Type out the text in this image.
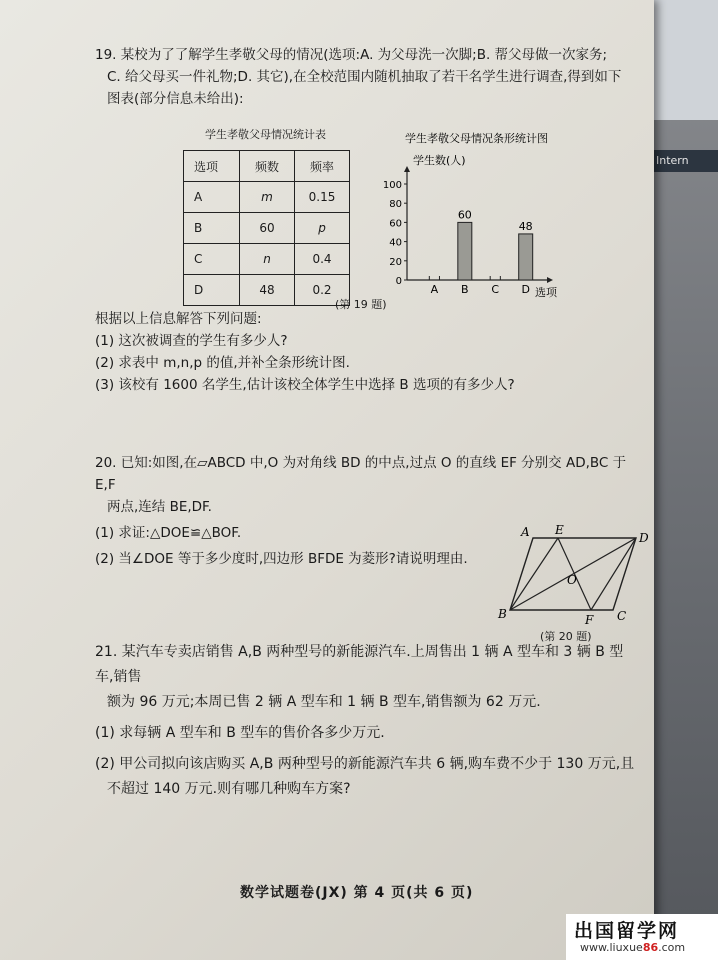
Intern
19. 某校为了了解学生孝敬父母的情况(选项:A. 为父母洗一次脚;B. 帮父母做一次家务;
C. 给父母买一件礼物;D. 其它),在全校范围内随机抽取了若干名学生进行调查,得到如下
图表(部分信息未给出):
学生孝敬父母情况统计表
选项	频数	频率
A	m	0.15
B	60	p
C	n	0.4
D	48	0.2
学生孝敬父母情况条形统计图
学生数(人)
选项
0
20
40
60
80
100
A
60
B C
48
D
(第 19 题)
根据以上信息解答下列问题:
(1) 这次被调查的学生有多少人?
(2) 求表中 m,n,p 的值,并补全条形统计图.
(3) 该校有 1600 名学生,估计该校全体学生中选择 B 选项的有多少人?
20. 已知:如图,在▱ABCD 中,O 为对角线 BD 的中点,过点 O 的直线 EF 分别交 AD,BC 于 E,F
两点,连结 BE,DF.
(1) 求证:△DOE≌△BOF.
(2) 当∠DOE 等于多少度时,四边形 BFDE 为菱形?请说明理由.
A E
D
O
B	F C
(第 20 题)
21. 某汽车专卖店销售 A,B 两种型号的新能源汽车.上周售出 1 辆 A 型车和 3 辆 B 型车,销售
额为 96 万元;本周已售 2 辆 A 型车和 1 辆 B 型车,销售额为 62 万元.
(1) 求每辆 A 型车和 B 型车的售价各多少万元.
(2) 甲公司拟向该店购买 A,B 两种型号的新能源汽车共 6 辆,购车费不少于 130 万元,且
不超过 140 万元.则有哪几种购车方案?
数学试题卷(JX) 第 4 页(共 6 页)
出国留学网
www.liuxue86.com
